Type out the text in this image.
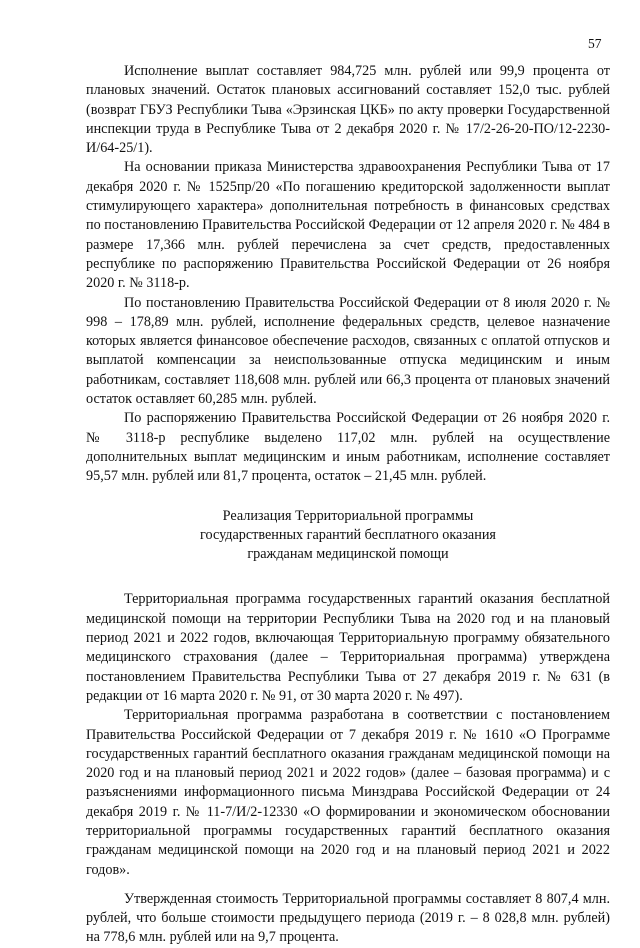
57

Исполнение выплат составляет 984,725 млн. рублей или 99,9 процента от плановых значений. Остаток плановых ассигнований составляет 152,0 тыс. рублей (возврат ГБУЗ Республики Тыва «Эрзинская ЦКБ» по акту проверки Государственной инспекции труда в Республике Тыва от 2 декабря 2020 г. № 17/2-26-20-ПО/12-2230-И/64-25/1).

На основании приказа Министерства здравоохранения Республики Тыва от 17 декабря 2020 г. № 1525пр/20 «По погашению кредиторской задолженности выплат стимулирующего характера» дополнительная потребность в финансовых средствах по постановлению Правительства Российской Федерации от 12 апреля 2020 г. № 484 в размере 17,366 млн. рублей перечислена за счет средств, предоставленных республике по распоряжению Правительства Российской Федерации от 26 ноября 2020 г. № 3118-р.

По постановлению Правительства Российской Федерации от 8 июля 2020 г. № 998 – 178,89 млн. рублей, исполнение федеральных средств, целевое назначение которых является финансовое обеспечение расходов, связанных с оплатой отпусков и выплатой компенсации за неиспользованные отпуска медицинским и иным работникам, составляет 118,608 млн. рублей или 66,3 процента от плановых значений остаток оставляет 60,285 млн. рублей.

По распоряжению Правительства Российской Федерации от 26 ноября 2020 г. № 3118-р республике выделено 117,02 млн. рублей на осуществление дополнительных выплат медицинским и иным работникам, исполнение составляет 95,57 млн. рублей или 81,7 процента, остаток – 21,45 млн. рублей.

Реализация Территориальной программы
государственных гарантий бесплатного оказания
гражданам медицинской помощи

Территориальная программа государственных гарантий оказания бесплатной медицинской помощи на территории Республики Тыва на 2020 год и на плановый период 2021 и 2022 годов, включающая Территориальную программу обязательного медицинского страхования (далее – Территориальная программа) утверждена постановлением Правительства Республики Тыва от 27 декабря 2019 г. № 631 (в редакции от 16 марта 2020 г. № 91, от 30 марта 2020 г. № 497).

Территориальная программа разработана в соответствии с постановлением Правительства Российской Федерации от 7 декабря 2019 г. № 1610 «О Программе государственных гарантий бесплатного оказания гражданам медицинской помощи на 2020 год и на плановый период 2021 и 2022 годов» (далее – базовая программа) и с разъяснениями информационного письма Минздрава Российской Федерации от 24 декабря 2019 г. № 11-7/И/2-12330 «О формировании и экономическом обосновании территориальной программы государственных гарантий бесплатного оказания гражданам медицинской помощи на 2020 год и на плановый период 2021 и 2022 годов».

Утвержденная стоимость Территориальной программы составляет 8 807,4 млн. рублей, что больше стоимости предыдущего периода (2019 г. – 8 028,8 млн. рублей) на 778,6 млн. рублей или на 9,7 процента.
